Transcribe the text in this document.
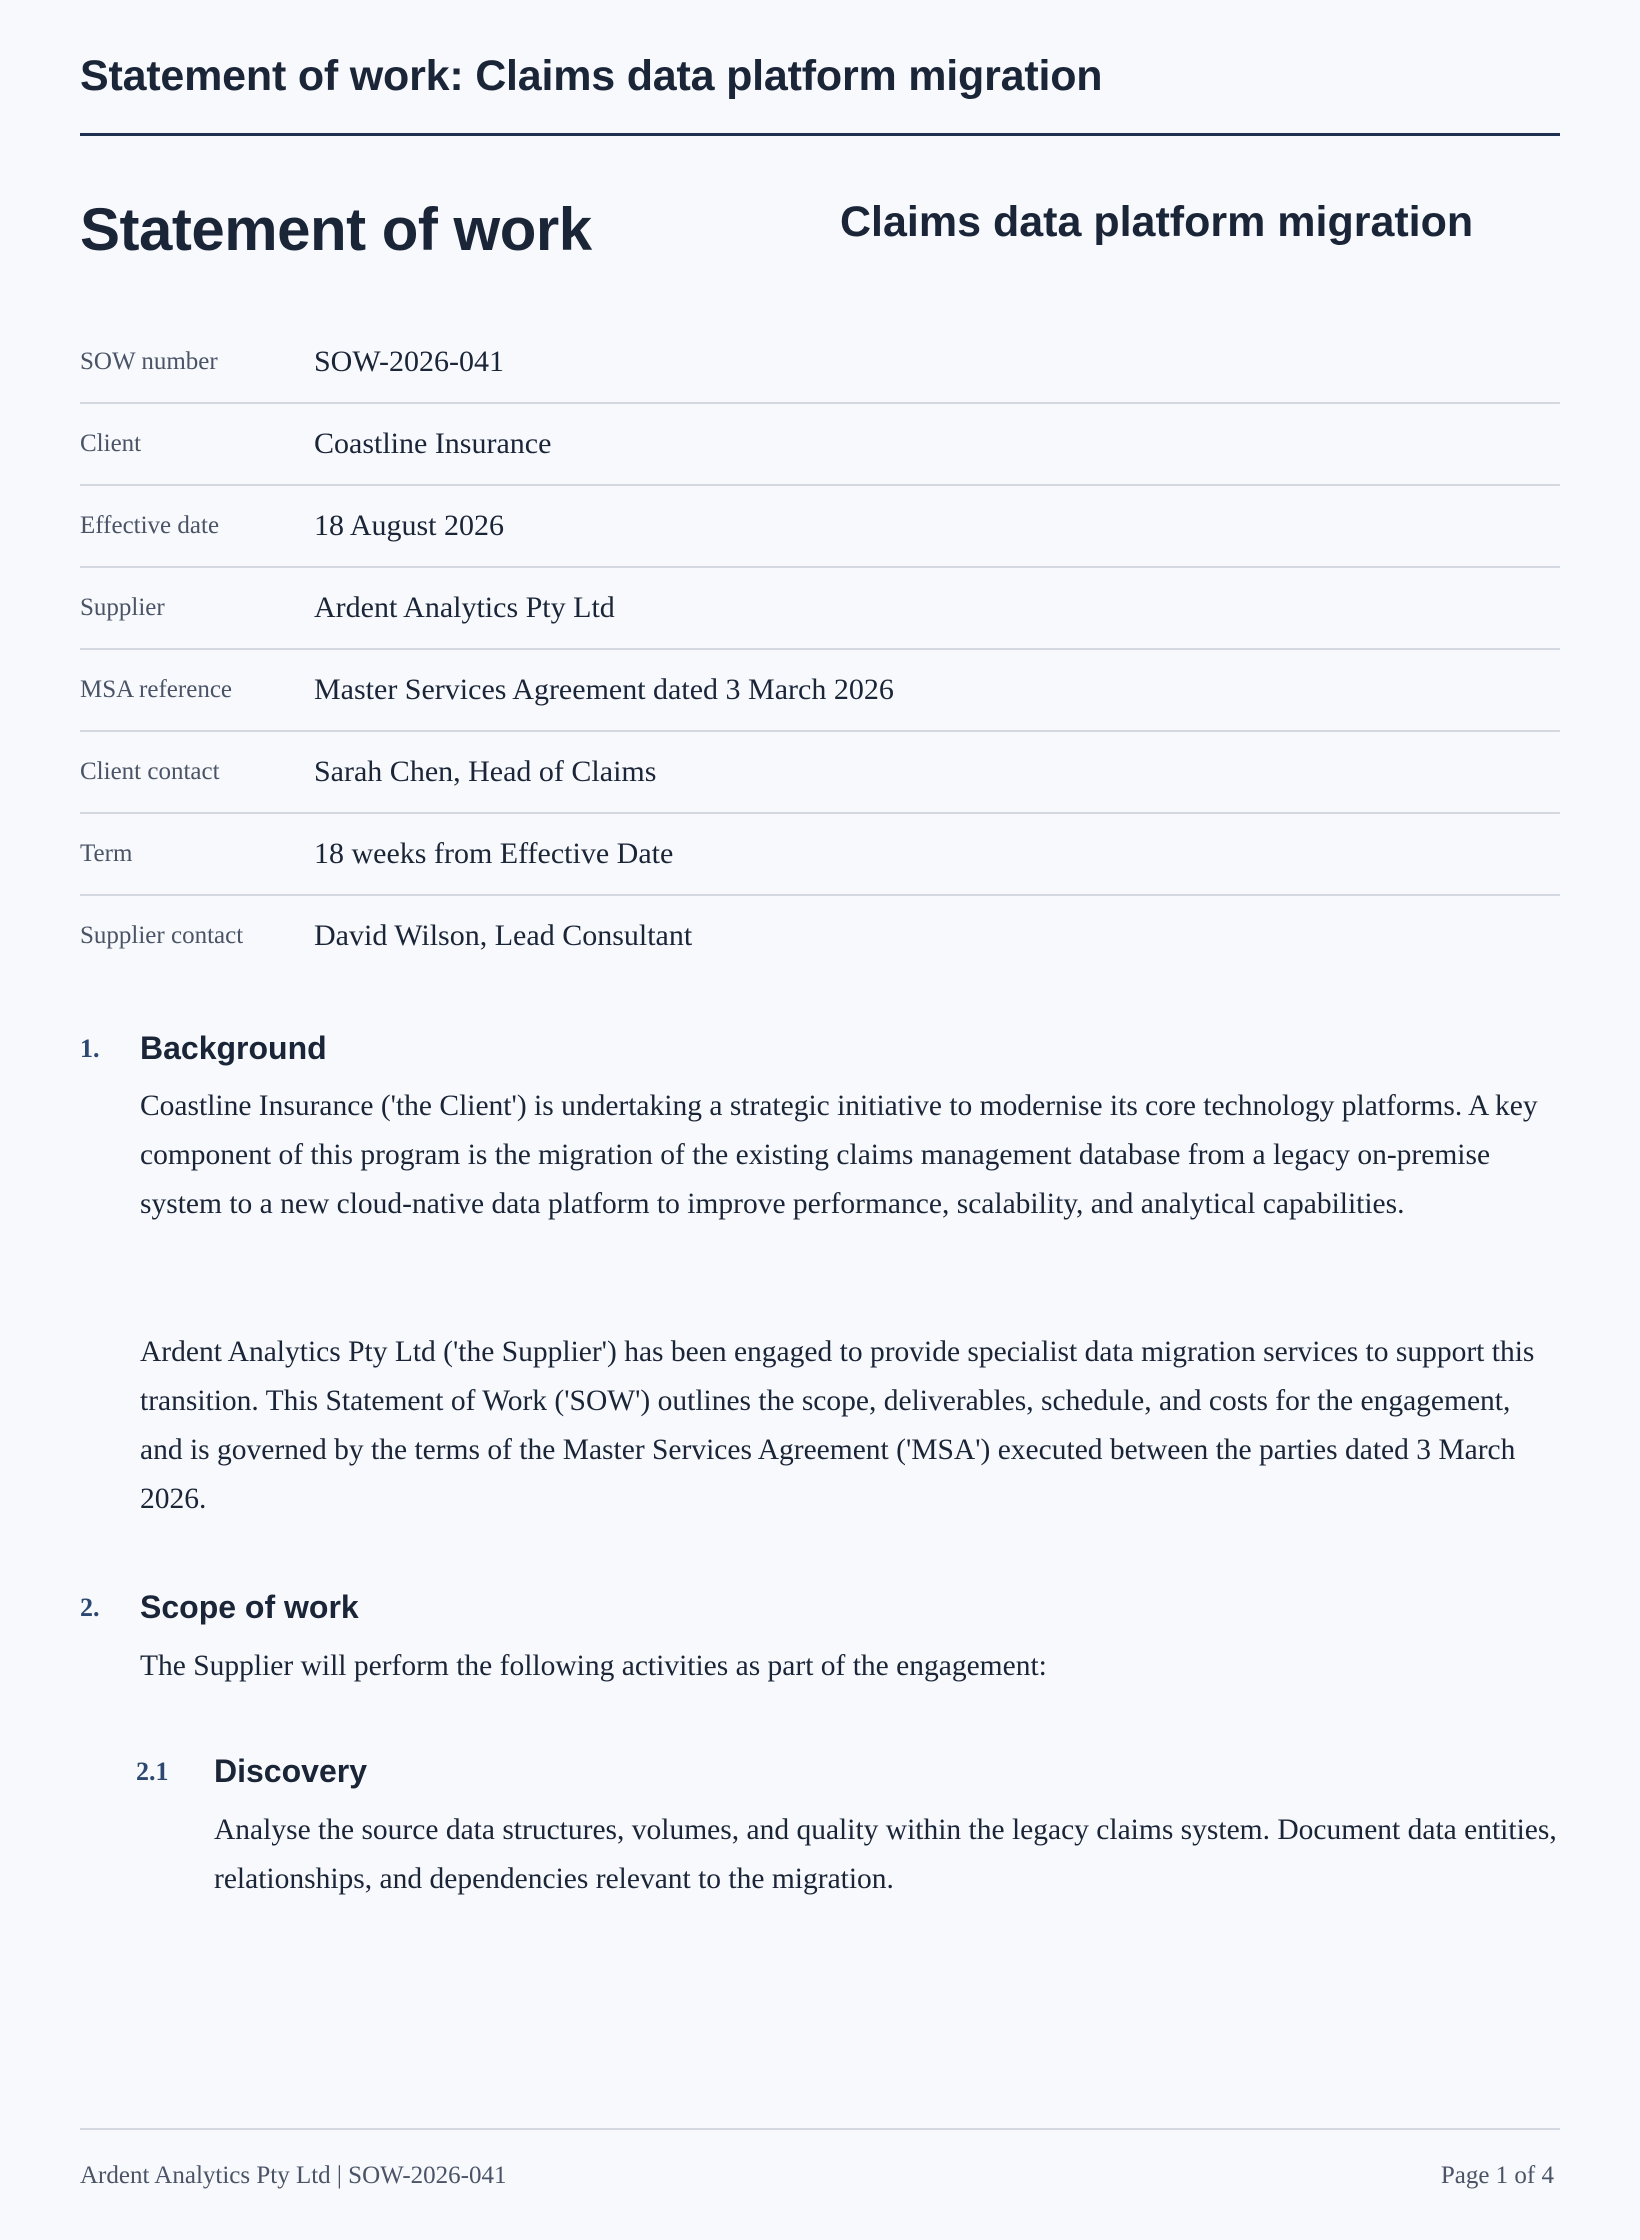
Statement of work: Claims data platform migration
Statement of work	Claims data platform migration
SOW number	SOW-2026-041
Client	Coastline Insurance
Effective date	18 August 2026
Supplier	Ardent Analytics Pty Ltd
MSA reference	Master Services Agreement dated 3 March 2026
Client contact	Sarah Chen, Head of Claims
Term	18 weeks from Effective Date
Supplier contact	David Wilson, Lead Consultant
1. Background

Coastline Insurance ('the Client') is undertaking a strategic initiative to modernise its core technology platforms. A key component of this program is the migration of the existing claims management database from a legacy on-premise system to a new cloud-native data platform to improve performance, scalability, and analytical capabilities.

Ardent Analytics Pty Ltd ('the Supplier') has been engaged to provide specialist data migration services to support this transition. This Statement of Work ('SOW') outlines the scope, deliverables, schedule, and costs for the engagement, and is governed by the terms of the Master Services Agreement ('MSA') executed between the parties dated 3 March 2026.

2. Scope of work

The Supplier will perform the following activities as part of the engagement:

2.1 Discovery

Analyse the source data structures, volumes, and quality within the legacy claims system. Document data entities, relationships, and dependencies relevant to the migration.

Ardent Analytics Pty Ltd | SOW-2026-041	Page 1 of 4
